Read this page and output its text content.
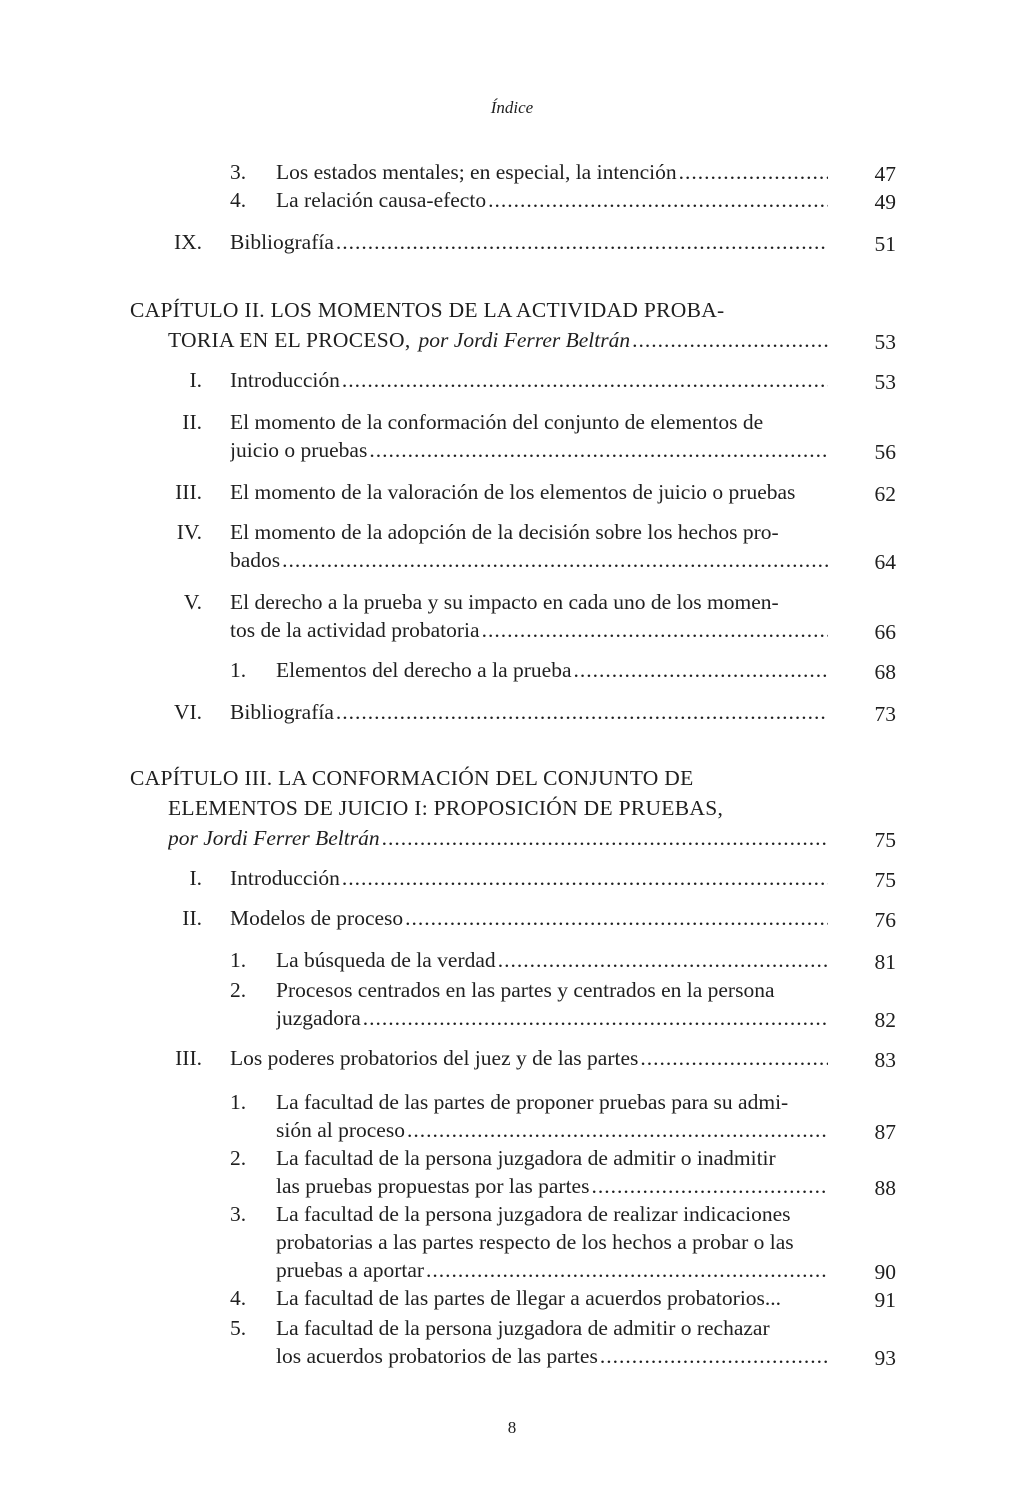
Índice
3. Los estados mentales; en especial, la intención .....	47
4. La relación causa-efecto .....	49
IX. Bibliografía .....	51
CAPÍTULO II. LOS MOMENTOS DE LA ACTIVIDAD PROBA-
TORIA EN EL PROCESO, por Jordi Ferrer Beltrán .....	53
I. Introducción .....	53
II. El momento de la conformación del conjunto de elementos de
juicio o pruebas .....	56
III. El momento de la valoración de los elementos de juicio o pruebas	62
IV. El momento de la adopción de la decisión sobre los hechos pro-
bados .....	64
V. El derecho a la prueba y su impacto en cada uno de los momen-
tos de la actividad probatoria .....	66
1. Elementos del derecho a la prueba .....	68
VI. Bibliografía .....	73
CAPÍTULO III. LA CONFORMACIÓN DEL CONJUNTO DE
ELEMENTOS DE JUICIO I: PROPOSICIÓN DE PRUEBAS,
por Jordi Ferrer Beltrán .....	75
I. Introducción .....	75
II. Modelos de proceso .....	76
1. La búsqueda de la verdad .....	81
2. Procesos centrados en las partes y centrados en la persona
juzgadora .....	82
III. Los poderes probatorios del juez y de las partes .....	83
1. La facultad de las partes de proponer pruebas para su admi-
sión al proceso .....	87
2. La facultad de la persona juzgadora de admitir o inadmitir
las pruebas propuestas por las partes .....	88
3. La facultad de la persona juzgadora de realizar indicaciones
probatorias a las partes respecto de los hechos a probar o las
pruebas a aportar .....	90
4. La facultad de las partes de llegar a acuerdos probatorios...	91
5. La facultad de la persona juzgadora de admitir o rechazar
los acuerdos probatorios de las partes .....	93
8
